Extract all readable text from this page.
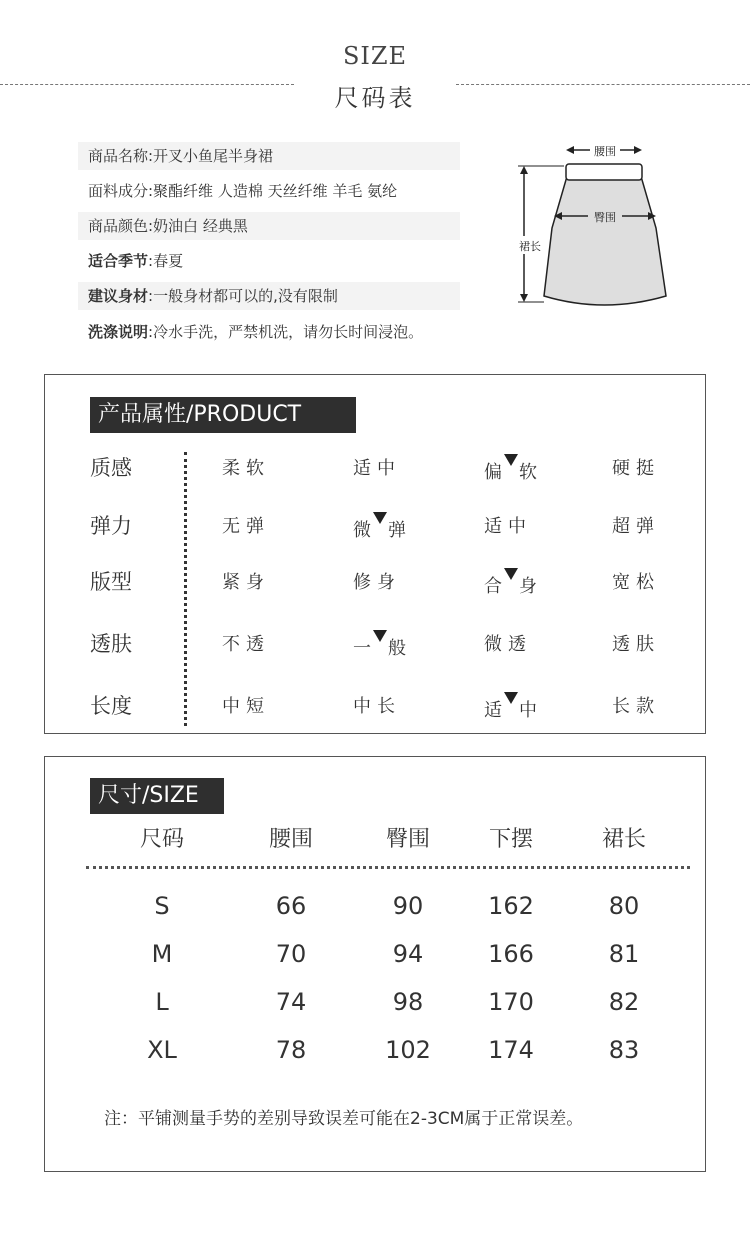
SIZE
尺码表
商品名称:开叉小鱼尾半身裙
面料成分:聚酯纤维 人造棉 天丝纤维 羊毛 氨纶
商品颜色:奶油白 经典黑
适合季节:春夏
建议身材:一般身材都可以的,没有限制
洗涤说明:冷水手洗，严禁机洗，请勿长时间浸泡。
腰围
臀围
裙长
产品属性/PRODUCT
质感	柔软	适中	偏 软	硬挺
弹力	无弹	微 弹	适中	超弹
版型	紧身	修身	合 身	宽松
透肤	不透	一 般	微透	透肤
长度	中短	中长	适 中	长款
尺寸/SIZE
尺码	腰围	臀围	下摆	裙长
S	66	90	162	80
M	70	94	166	81
L	74	98	170	82
XL	78	102	174	83
注：平铺测量手势的差别导致误差可能在2-3CM属于正常误差。
